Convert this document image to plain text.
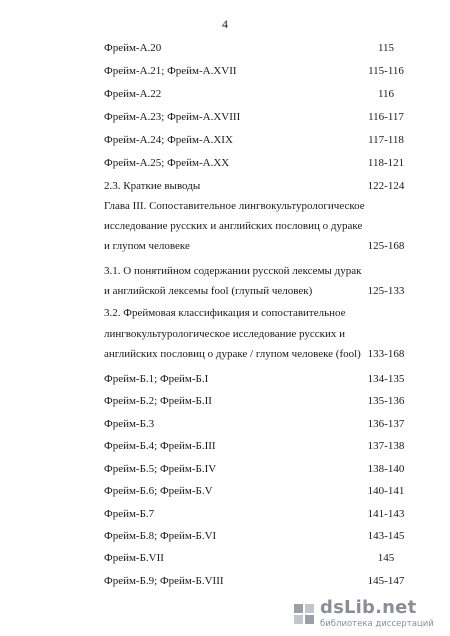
4
Фрейм-А.20	115
Фрейм-А.21; Фрейм-А.XVII	115-116
Фрейм-А.22	116
Фрейм-А.23; Фрейм-А.XVIII	116-117
Фрейм-А.24; Фрейм-А.XIX	117-118
Фрейм-А.25; Фрейм-А.XX	118-121
2.3. Краткие выводы	122-124
Глава III. Сопоставительное лингвокультурологическое
исследование русских и английских пословиц о дураке
и глупом человеке	125-168
3.1. О понятийном содержании русской лексемы дурак
и английской лексемы fool (глупый человек)	125-133
3.2. Фреймовая классификация и сопоставительное
лингвокультурологическое исследование русских и
английских пословиц о дураке / глупом человеке (fool) 133-168
Фрейм-Б.1; Фрейм-Б.I	134-135
Фрейм-Б.2; Фрейм-Б.II	135-136
Фрейм-Б.3	136-137
Фрейм-Б.4; Фрейм-Б.III	137-138
Фрейм-Б.5; Фрейм-Б.IV	138-140
Фрейм-Б.6; Фрейм-Б.V	140-141
Фрейм-Б.7	141-143
Фрейм-Б.8; Фрейм-Б.VI	143-145
Фрейм-Б.VII	145
Фрейм-Б.9; Фрейм-Б.VIII	145-147
dsLib.net
библиотека диссертаций
